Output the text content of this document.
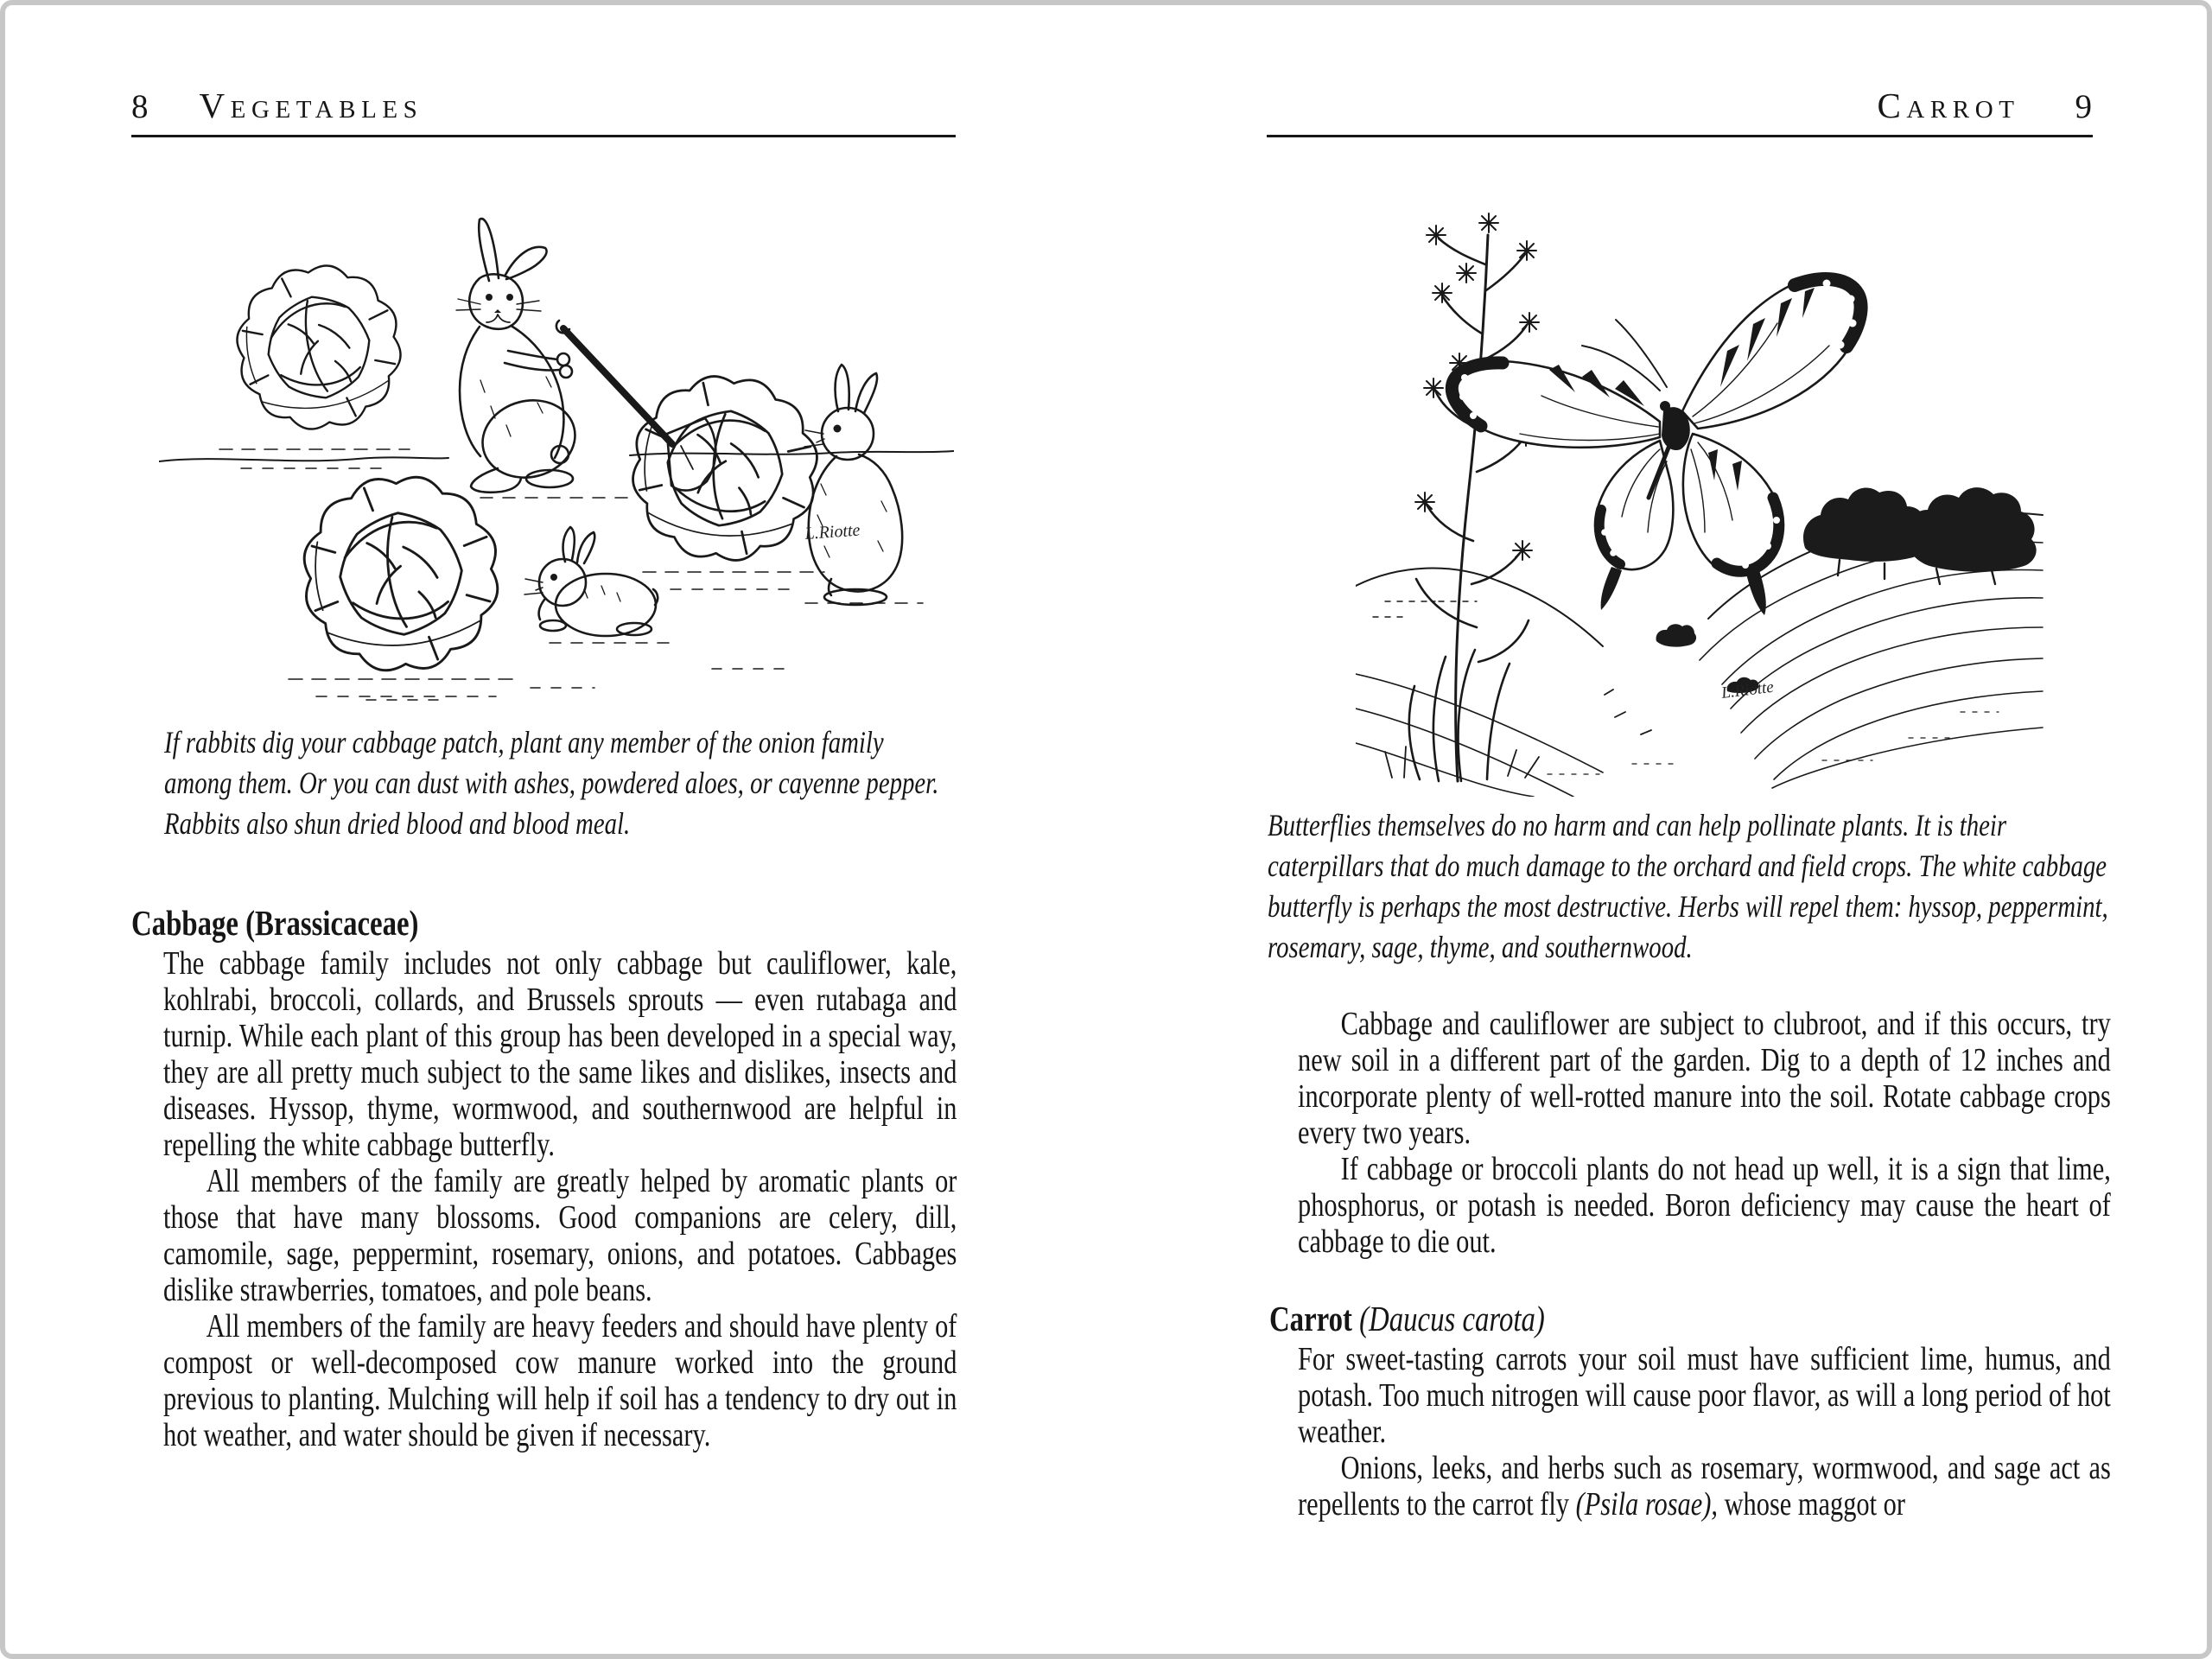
8 Vegetables
L.Riotte
If rabbits dig your cabbage patch, plant any member of the onion family among them. Or you can dust with ashes, powdered aloes, or cayenne pepper. Rabbits also shun dried blood and blood meal.
Cabbage (Brassicaceae)

The cabbage family includes not only cabbage but cauliflower, kale, kohlrabi, broccoli, collards, and Brussels sprouts — even rutabaga and turnip. While each plant of this group has been developed in a special way, they are all pretty much subject to the same likes and dislikes, insects and diseases. Hyssop, thyme, wormwood, and southernwood are helpful in repelling the white cabbage butterfly.

All members of the family are greatly helped by aromatic plants or those that have many blossoms. Good companions are celery, dill, camomile, sage, peppermint, rosemary, onions, and potatoes. Cabbages dislike strawberries, tomatoes, and pole beans.

All members of the family are heavy feeders and should have plenty of compost or well-decomposed cow manure worked into the ground previous to planting. Mulching will help if soil has a tendency to dry out in hot weather, and water should be given if necessary.

Carrot 9
L.Riotte
Butterflies themselves do no harm and can help pollinate plants. It is their caterpillars that do much damage to the orchard and field crops. The white cabbage butterfly is perhaps the most destructive. Herbs will repel them: hyssop, peppermint, rosemary, sage, thyme, and southernwood.

Cabbage and cauliflower are subject to clubroot, and if this occurs, try new soil in a different part of the garden. Dig to a depth of 12 inches and incorporate plenty of well-rotted manure into the soil. Rotate cabbage crops every two years.

If cabbage or broccoli plants do not head up well, it is a sign that lime, phosphorus, or potash is needed. Boron deficiency may cause the heart of cabbage to die out.

Carrot (Daucus carota)

For sweet-tasting carrots your soil must have sufficient lime, humus, and potash. Too much nitrogen will cause poor flavor, as will a long period of hot weather.

Onions, leeks, and herbs such as rosemary, wormwood, and sage act as repellents to the carrot fly (Psila rosae), whose maggot or
